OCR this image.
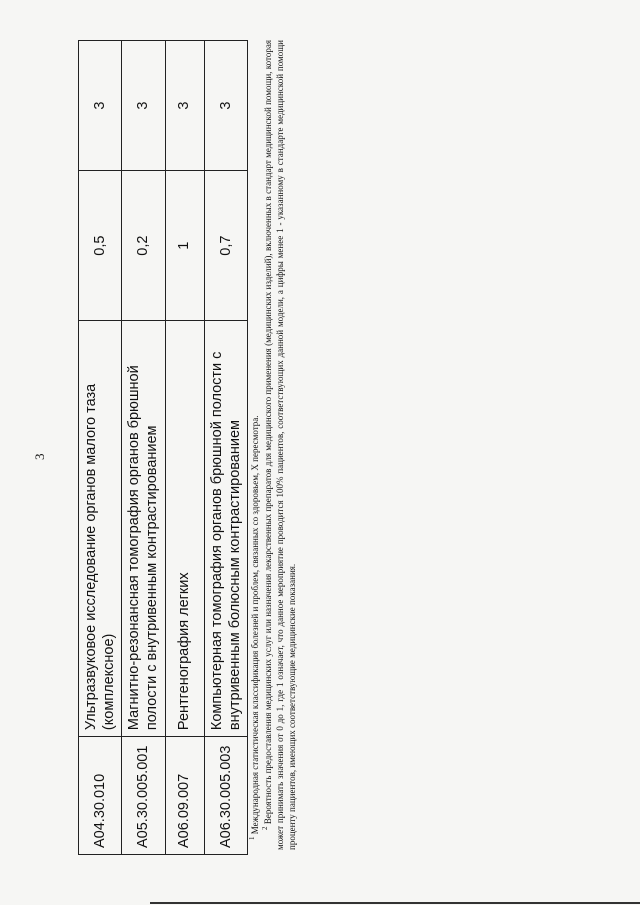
3
A04.30.010	Ультразвуковое исследование органов малого таза (комплексное)	0,5	3
A05.30.005.001	Магнитно-резонансная томография органов брюшной полости с внутривенным контрастированием	0,2	3
A06.09.007	Рентгенография легких	1	3
A06.30.005.003	Компьютерная томография органов брюшной полости с внутривенным болюсным контрастированием	0,7	3

$^1$ Международная статистическая классификация болезней и проблем, связанных со здоровьем, X пересмотра. $^2$ Вероятность предоставления медицинских услуг или назначения лекарственных препаратов для медицинского применения (медицинских изделий), включенных в стандарт медицинской помощи, которая может принимать значения от 0 до 1, где 1 означает, что данное мероприятие проводится 100% пациентов, соответствующих данной модели, а цифры менее 1 - указанному в стандарте медицинской помощи проценту пациентов, имеющих соответствующие медицинские показания.
